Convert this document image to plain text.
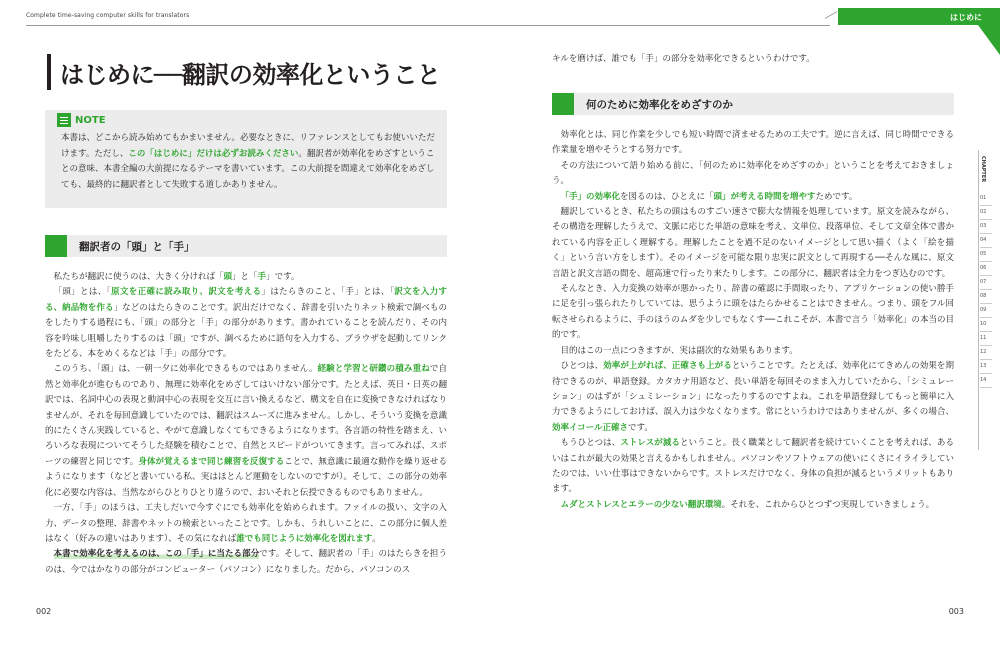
Complete time-saving computer skills for translators	はじめに
はじめに──翻訳の効率化ということ
NOTE
本書は、どこから読み始めてもかまいません。必要なときに、リファレンスとしてもお使いいただけます。ただし、この「はじめに」だけは必ずお読みください。翻訳者が効率化をめざすということの意味、本書全編の大前提になるテーマを書いています。この大前提を間違えて効率化をめざしても、最終的に翻訳者として失敗する道しかありません。
翻訳者の「頭」と「手」

私たちが翻訳に使うのは、大きく分ければ「頭」と「手」です。

「頭」とは、「原文を正確に読み取り、訳文を考える」はたらきのこと、「手」とは、「訳文を入力する、納品物を作る」などのはたらきのことです。訳出だけでなく、辞書を引いたりネット検索で調べものをしたりする過程にも、「頭」の部分と「手」の部分があります。書かれていることを読んだり、その内容を吟味し咀嚼したりするのは「頭」ですが、調べるために語句を入力する、ブラウザを起動してリンクをたどる、本をめくるなどは「手」の部分です。

このうち、「頭」は、一朝一夕に効率化できるものではありません。経験と学習と研鑽の積み重ねで自然と効率化が進むものであり、無理に効率化をめざしてはいけない部分です。たとえば、英日・日英の翻訳では、名詞中心の表現と動詞中心の表現を交互に言い換えるなど、構文を自在に変換できなければなりませんが、それを毎回意識していたのでは、翻訳はスムーズに進みません。しかし、そういう変換を意識的にたくさん実践していると、やがて意識しなくてもできるようになります。各言語の特性を踏まえ、いろいろな表現についてそうした経験を積むことで、自然とスピードがついてきます。言ってみれば、スポーツの練習と同じです。身体が覚えるまで同じ練習を反復することで、無意識に最適な動作を繰り返せるようになります（などと書いている私、実はほとんど運動をしないのですが）。そして、この部分の効率化に必要な内容は、当然ながらひとりひとり違うので、おいそれと伝授できるものでもありません。

一方、「手」のほうは、工夫しだいで今すぐにでも効率化を始められます。ファイルの扱い、文字の入力、データの整理、辞書やネットの検索といったことです。しかも、うれしいことに、この部分に個人差はなく（好みの違いはあります）、その気になれば誰でも同じように効率化を図れます。

本書で効率化を考えるのは、この「手」に当たる部分です。そして、翻訳者の「手」のはたらきを担うのは、今ではかなりの部分がコンピューター（パソコン）になりました。だから、パソコンのス

002
キルを磨けば、誰でも「手」の部分を効率化できるというわけです。
何のために効率化をめざすのか

効率化とは、同じ作業を少しでも短い時間で済ませるための工夫です。逆に言えば、同じ時間でできる作業量を増やそうとする努力です。

その方法について語り始める前に、「何のために効率化をめざすのか」ということを考えておきましょう。

「手」の効率化を図るのは、ひとえに「頭」が考える時間を増やすためです。

翻訳しているとき、私たちの頭はものすごい速さで膨大な情報を処理しています。原文を読みながら、その構造を理解したうえで、文脈に応じた単語の意味を考え、文単位、段落単位、そして文章全体で書かれている内容を正しく理解する。理解したことを過不足のないイメージとして思い描く（よく「絵を描く」という言い方をします）。そのイメージを可能な限り忠実に訳文として再現する──そんな風に、原文言語と訳文言語の間を、超高速で行ったり来たりします。この部分に、翻訳者は全力をつぎ込むのです。

そんなとき、入力変換の効率が悪かったり、辞書の確認に手間取ったり、アプリケーションの使い勝手に足を引っ張られたりしていては、思うように頭をはたらかせることはできません。つまり、頭をフル回転させられるように、手のほうのムダを少しでもなくす──これこそが、本書で言う「効率化」の本当の目的です。

目的はこの一点につきますが、実は副次的な効果もあります。

ひとつは、効率が上がれば、正確さも上がるということです。たとえば、効率化にてきめんの効果を期待できるのが、単語登録。カタカナ用語など、長い単語を毎回そのまま入力していたから、「シミュレーション」のはずが「シュミレーション」になったりするのですよね。これを単語登録してもっと簡単に入力できるようにしておけば、誤入力は少なくなります。常にというわけではありませんが、多くの場合、効率イコール正確さです。

もうひとつは、ストレスが減るということ。長く職業として翻訳者を続けていくことを考えれば、あるいはこれが最大の効果と言えるかもしれません。パソコンやソフトウェアの使いにくさにイライラしていたのでは、いい仕事はできないからです。ストレスだけでなく、身体の負担が減るというメリットもあります。

ムダとストレスとエラーの少ない翻訳環境。それを、これからひとつずつ実現していきましょう。

003
CHAPTER
01
02
03
04
05
06
07
08
09
10
11
12
13
14
